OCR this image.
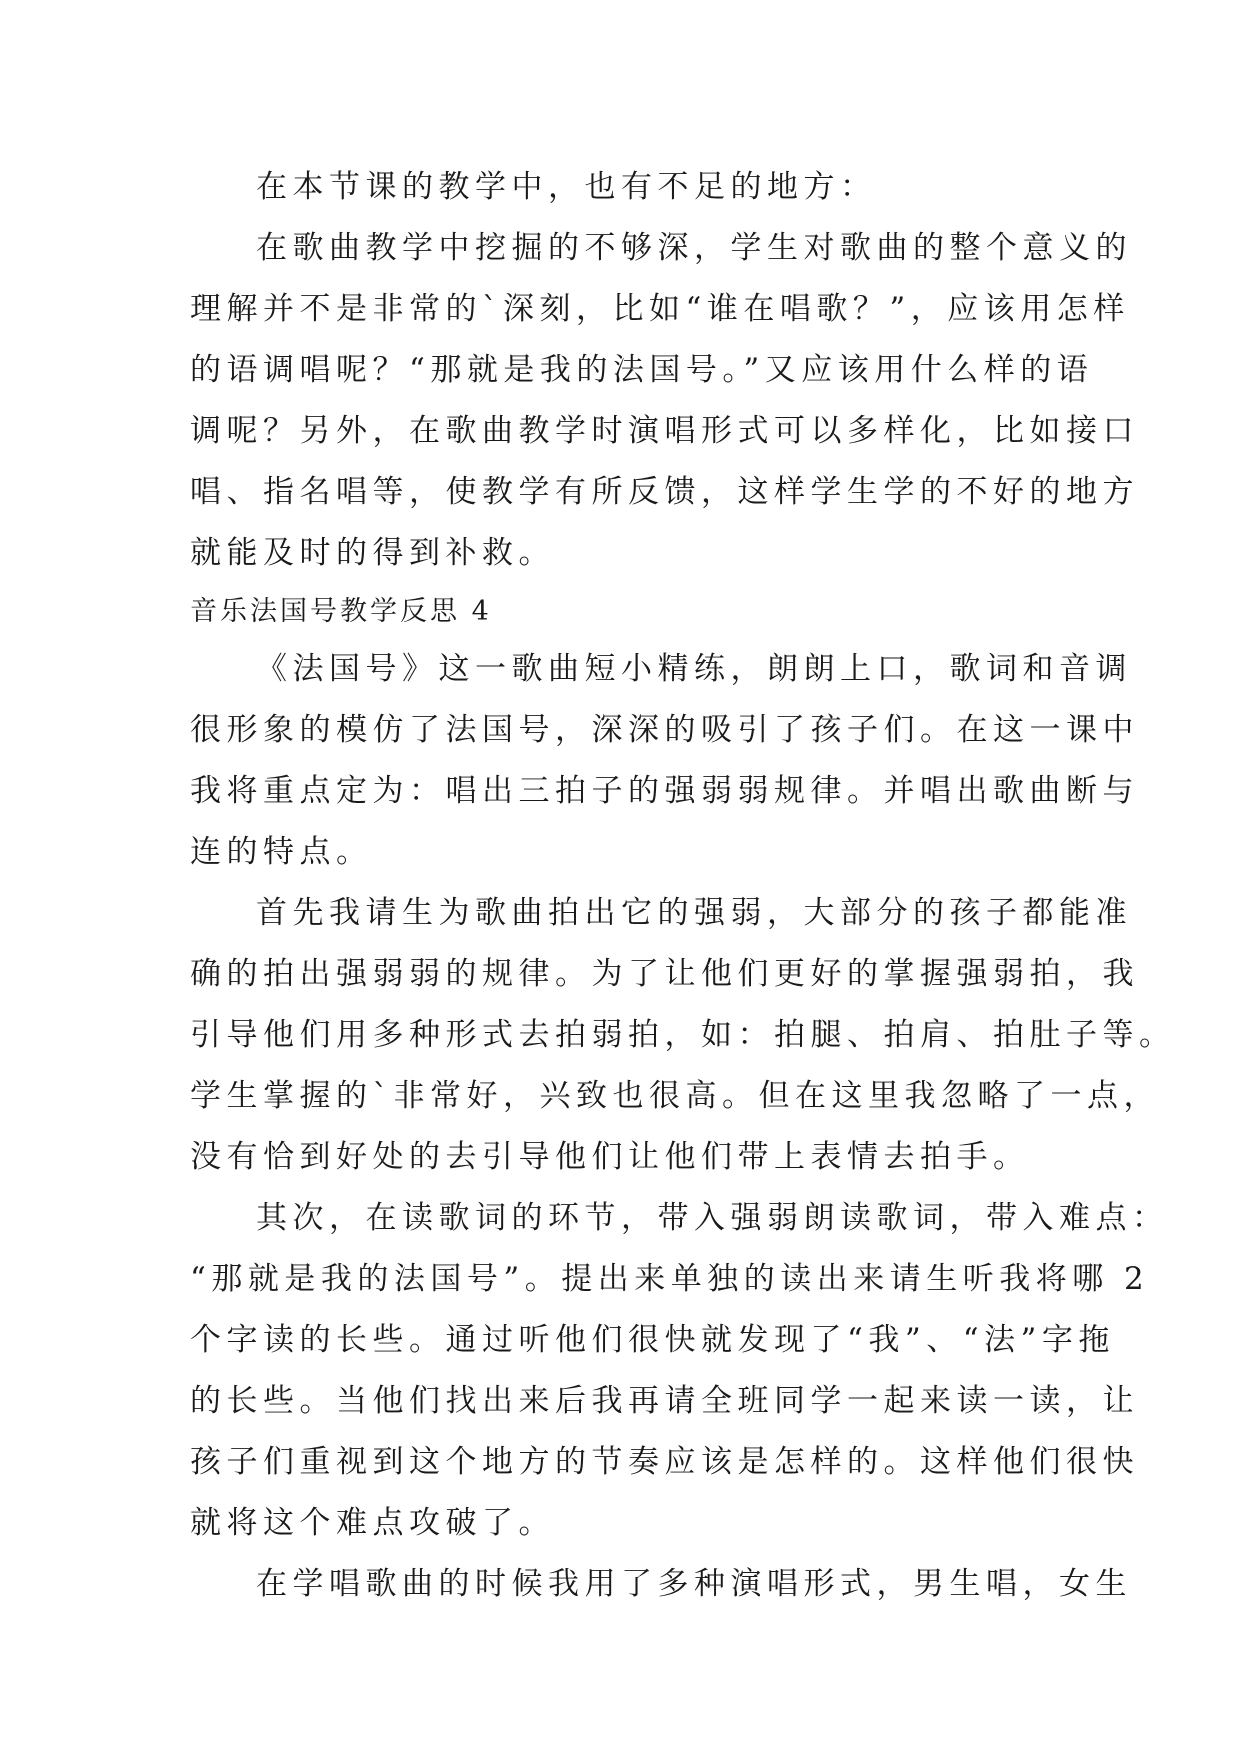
在本节课的教学中，也有不足的地方：
在歌曲教学中挖掘的不够深，学生对歌曲的整个意义的
理解并不是非常的`深刻，比如“谁在唱歌？”，应该用怎样
的语调唱呢？“那就是我的法国号。”又应该用什么样的语
调呢？另外，在歌曲教学时演唱形式可以多样化，比如接口
唱、指名唱等，使教学有所反馈，这样学生学的不好的地方
就能及时的得到补救。
音乐法国号教学反思 4
《法国号》这一歌曲短小精练，朗朗上口，歌词和音调
很形象的模仿了法国号，深深的吸引了孩子们。在这一课中
我将重点定为：唱出三拍子的强弱弱规律。并唱出歌曲断与
连的特点。
首先我请生为歌曲拍出它的强弱，大部分的孩子都能准
确的拍出强弱弱的规律。为了让他们更好的掌握强弱拍，我
引导他们用多种形式去拍弱拍，如：拍腿、拍肩、拍肚子等。
学生掌握的`非常好，兴致也很高。但在这里我忽略了一点，
没有恰到好处的去引导他们让他们带上表情去拍手。
其次，在读歌词的环节，带入强弱朗读歌词，带入难点：
“那就是我的法国号”。提出来单独的读出来请生听我将哪 2
个字读的长些。通过听他们很快就发现了“我”、“法”字拖
的长些。当他们找出来后我再请全班同学一起来读一读，让
孩子们重视到这个地方的节奏应该是怎样的。这样他们很快
就将这个难点攻破了。
在学唱歌曲的时候我用了多种演唱形式，男生唱，女生
